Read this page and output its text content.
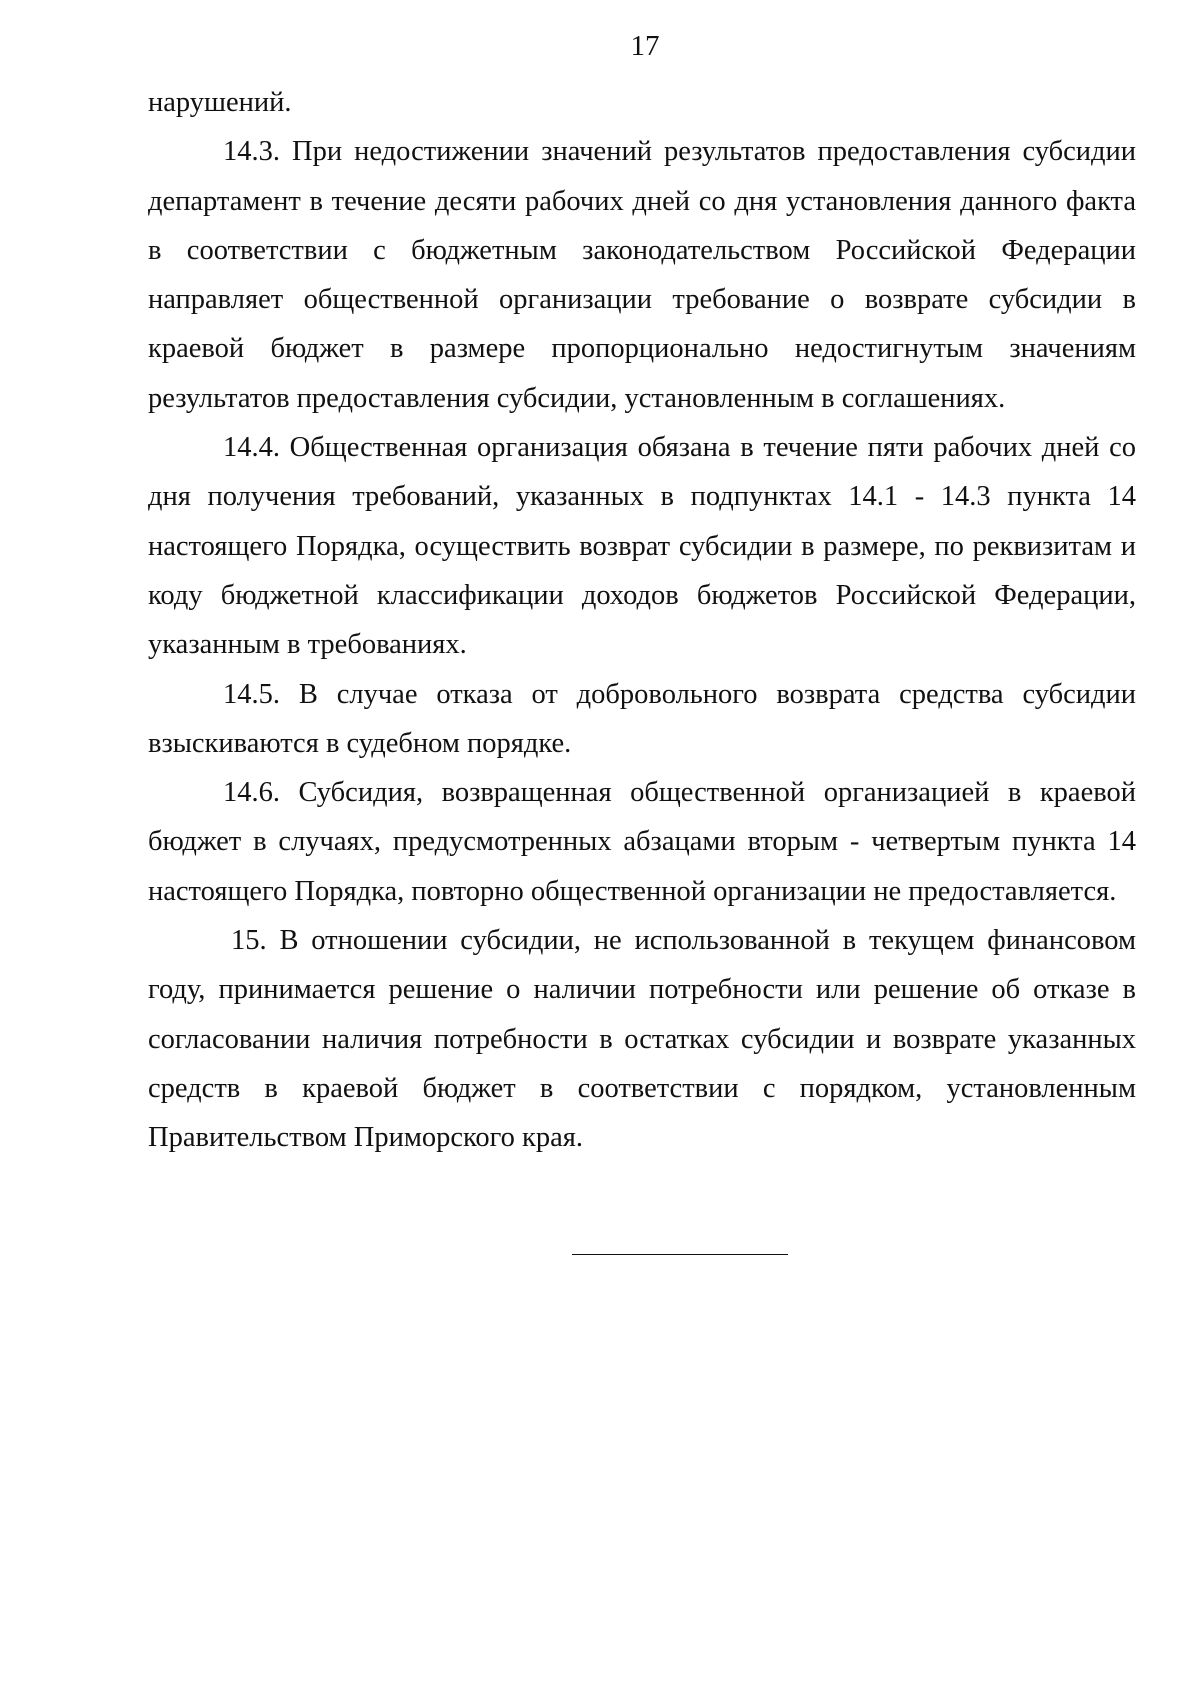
17

нарушений.

14.3. При недостижении значений результатов предоставления субсидии департамент в течение десяти рабочих дней со дня установления данного факта в соответствии с бюджетным законодательством Российской Федерации направляет общественной организации требование о возврате субсидии в краевой бюджет в размере пропорционально недостигнутым значениям результатов предоставления субсидии, установленным в соглашениях.

14.4. Общественная организация обязана в течение пяти рабочих дней со дня получения требований, указанных в подпунктах 14.1 - 14.3 пункта 14 настоящего Порядка, осуществить возврат субсидии в размере, по реквизитам и коду бюджетной классификации доходов бюджетов Российской Федерации, указанным в требованиях.

14.5. В случае отказа от добровольного возврата средства субсидии взыскиваются в судебном порядке.

14.6. Субсидия, возвращенная общественной организацией в краевой бюджет в случаях, предусмотренных абзацами вторым - четвертым пункта 14 настоящего Порядка, повторно общественной организации не предоставляется.

15. В отношении субсидии, не использованной в текущем финансовом году, принимается решение о наличии потребности или решение об отказе в согласовании наличия потребности в остатках субсидии и возврате указанных средств в краевой бюджет в соответствии с порядком, установленным Правительством Приморского края.
